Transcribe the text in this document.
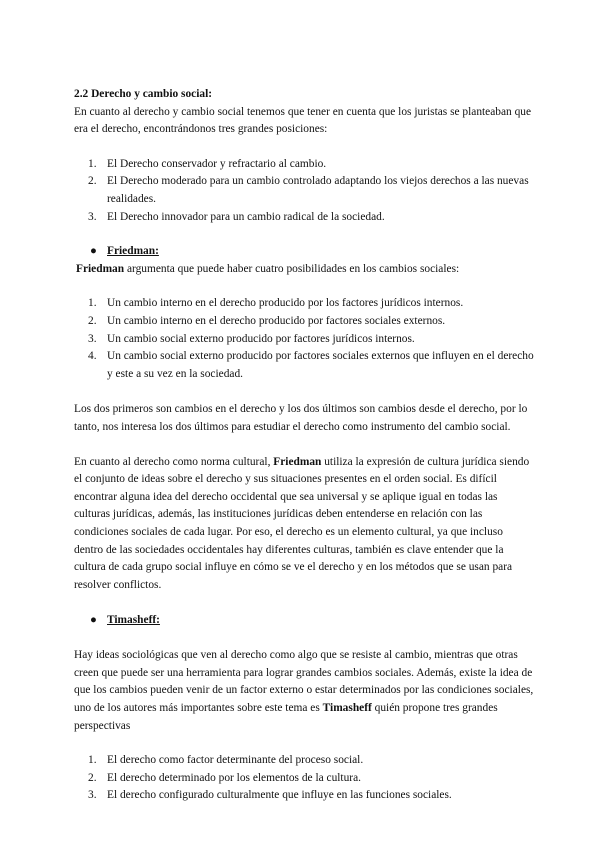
2.2 Derecho y cambio social:

En cuanto al derecho y cambio social tenemos que tener en cuenta que los juristas se planteaban que era el derecho, encontrándonos tres grandes posiciones:

1. El Derecho conservador y refractario al cambio.
2. El Derecho moderado para un cambio controlado adaptando los viejos derechos a las nuevas realidades.
3. El Derecho innovador para un cambio radical de la sociedad.
● Friedman:

Friedman argumenta que puede haber cuatro posibilidades en los cambios sociales:

1. Un cambio interno en el derecho producido por los factores jurídicos internos.
2. Un cambio interno en el derecho producido por factores sociales externos.
3. Un cambio social externo producido por factores jurídicos internos.
4. Un cambio social externo producido por factores sociales externos que influyen en el derecho y este a su vez en la sociedad.

Los dos primeros son cambios en el derecho y los dos últimos son cambios desde el derecho, por lo tanto, nos interesa los dos últimos para estudiar el derecho como instrumento del cambio social.

En cuanto al derecho como norma cultural, Friedman utiliza la expresión de cultura jurídica siendo el conjunto de ideas sobre el derecho y sus situaciones presentes en el orden social. Es difícil encontrar alguna idea del derecho occidental que sea universal y se aplique igual en todas las culturas jurídicas, además, las instituciones jurídicas deben entenderse en relación con las condiciones sociales de cada lugar. Por eso, el derecho es un elemento cultural, ya que incluso dentro de las sociedades occidentales hay diferentes culturas, también es clave entender que la cultura de cada grupo social influye en cómo se ve el derecho y en los métodos que se usan para resolver conflictos.

● Timasheff:

Hay ideas sociológicas que ven al derecho como algo que se resiste al cambio, mientras que otras creen que puede ser una herramienta para lograr grandes cambios sociales. Además, existe la idea de que los cambios pueden venir de un factor externo o estar determinados por las condiciones sociales, uno de los autores más importantes sobre este tema es Timasheff quién propone tres grandes perspectivas

1. El derecho como factor determinante del proceso social.
2. El derecho determinado por los elementos de la cultura.
3. El derecho configurado culturalmente que influye en las funciones sociales.
